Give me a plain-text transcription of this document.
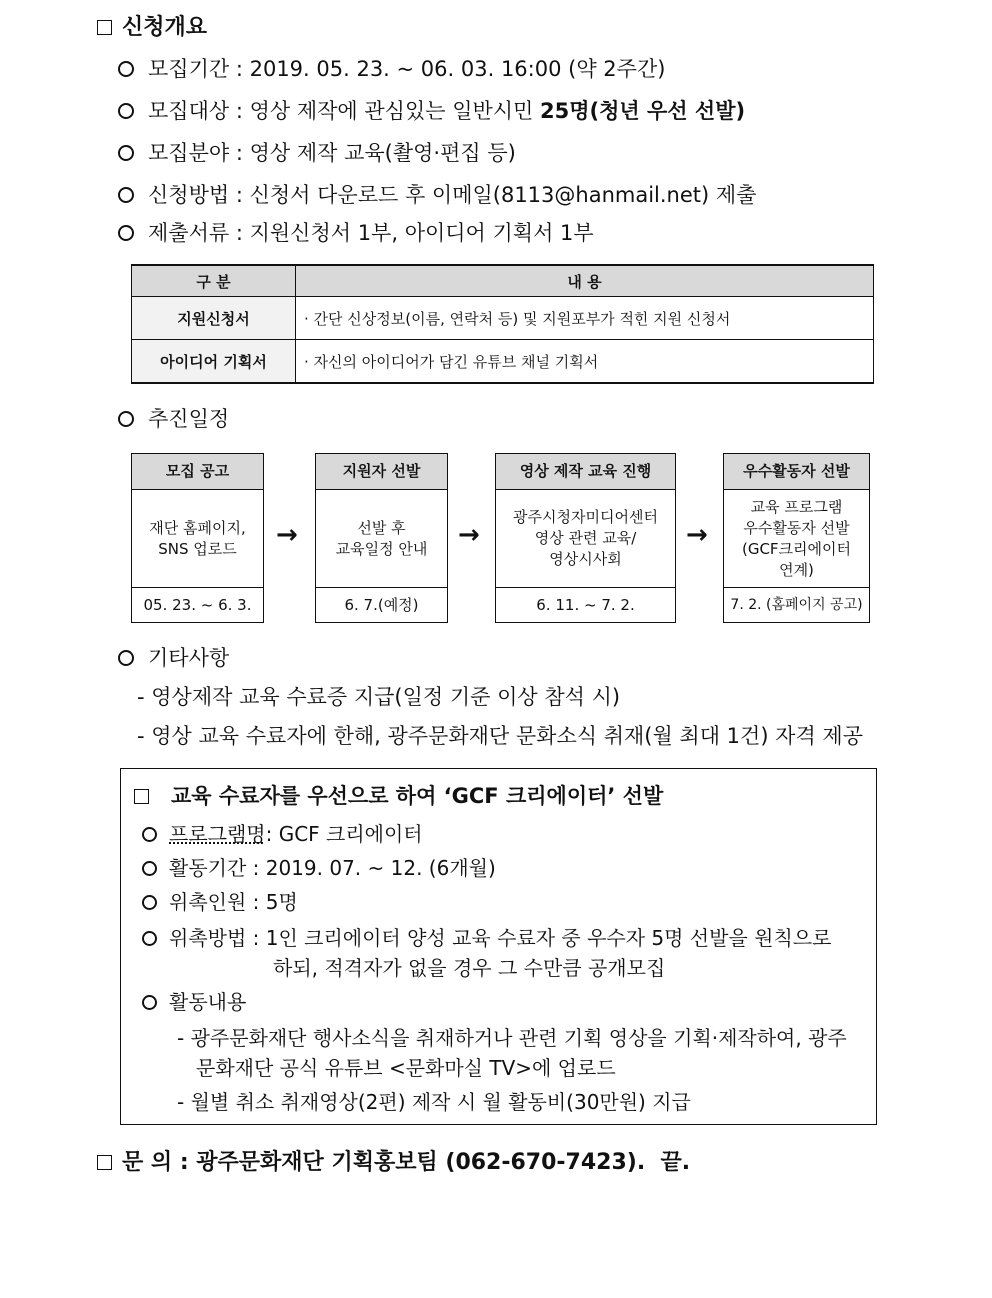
신청개요
모집기간 : 2019. 05. 23. ~ 06. 03. 16:00 (약 2주간)
모집대상 : 영상 제작에 관심있는 일반시민 25명(청년 우선 선발)
모집분야 : 영상 제작 교육(촬영·편집 등)
신청방법 : 신청서 다운로드 후 이메일(8113@hanmail.net) 제출
제출서류 : 지원신청서 1부, 아이디어 기획서 1부
구 분	내 용
지원신청서	· 간단 신상정보(이름, 연락처 등) 및 지원포부가 적힌 지원 신청서
아이디어 기획서	· 자신의 아이디어가 담긴 유튜브 채널 기획서
추진일정
모집 공고
재단 홈페이지,
SNS 업로드
05. 23. ~ 6. 3.
→
지원자 선발
선발 후
교육일정 안내
6. 7.(예정)
→
영상 제작 교육 진행
광주시청자미디어센터
영상 관련 교육/
영상시사회
6. 11. ~ 7. 2.
→
우수활동자 선발
교육 프로그램
우수활동자 선발
(GCF크리에이터
연계)
7. 2. (홈페이지 공고)
기타사항
- 영상제작 교육 수료증 지급(일정 기준 이상 참석 시)
- 영상 교육 수료자에 한해, 광주문화재단 문화소식 취재(월 최대 1건) 자격 제공
교육 수료자를 우선으로 하여 ‘GCF 크리에이터’ 선발
프로그램명: GCF 크리에이터
활동기간 : 2019. 07. ~ 12. (6개월)
위촉인원 : 5명
위촉방법 : 1인 크리에이터 양성 교육 수료자 중 우수자 5명 선발을 원칙으로
하되, 적격자가 없을 경우 그 수만큼 공개모집
활동내용
- 광주문화재단 행사소식을 취재하거나 관련 기획 영상을 기획·제작하여, 광주
문화재단 공식 유튜브 <문화마실 TV>에 업로드
- 월별 취소 취재영상(2편) 제작 시 월 활동비(30만원) 지급
문 의 : 광주문화재단 기획홍보팀 (062-670-7423).  끝.
